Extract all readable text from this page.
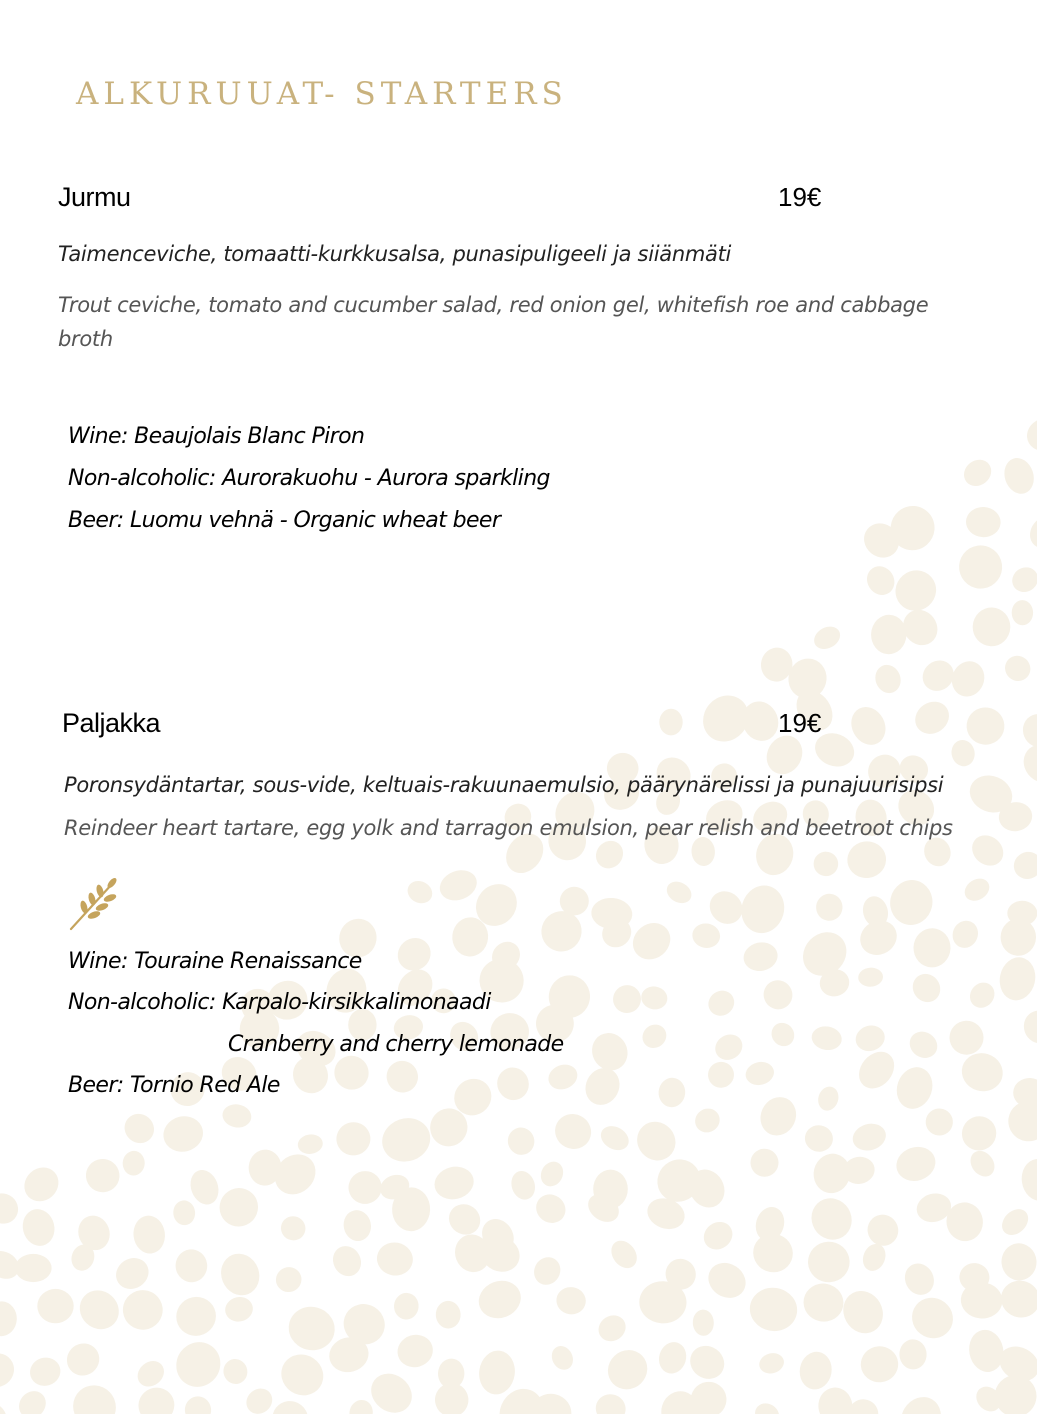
ALKURUUAT- STARTERS
Jurmu	19€
Taimenceviche, tomaatti-kurkkusalsa, punasipuligeeli ja siiänmäti
Trout ceviche, tomato and cucumber salad, red onion gel, whitefish roe and cabbage broth
Wine: Beaujolais Blanc Piron
Non-alcoholic: Aurorakuohu - Aurora sparkling
Beer: Luomu vehnä - Organic wheat beer
Paljakka	19€
Poronsydäntartar, sous-vide, keltuais-rakuunaemulsio, päärynärelissi ja punajuurisipsi
Reindeer heart tartare, egg yolk and tarragon emulsion, pear relish and beetroot chips
Wine: Touraine Renaissance
Non-alcoholic: Karpalo-kirsikkalimonaadi
Cranberry and cherry lemonade
Beer: Tornio Red Ale
